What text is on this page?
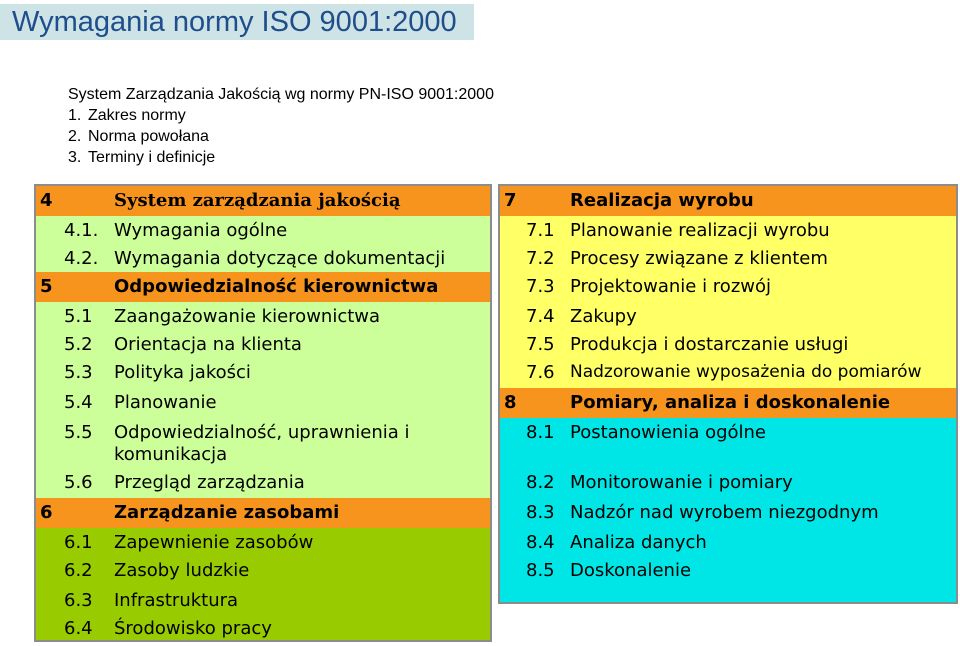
Wymagania normy ISO 9001:2000
System Zarządzania Jakością wg normy PN-ISO 9001:2000
1. Zakres normy
2. Norma powołana
3. Terminy i definicje
4	System zarządzania jakością
4.1. Wymagania ogólne
4.2. Wymagania dotyczące dokumentacji
5	Odpowiedzialność kierownictwa
5.1 Zaangażowanie kierownictwa
5.2 Orientacja na klienta
5.3 Polityka jakości
5.4 Planowanie
5.5 Odpowiedzialność, uprawnienia i komunikacja
5.6 Przegląd zarządzania
6	Zarządzanie zasobami
6.1 Zapewnienie zasobów
6.2 Zasoby ludzkie
6.3 Infrastruktura
6.4 Środowisko pracy
7	Realizacja wyrobu
7.1 Planowanie realizacji wyrobu
7.2 Procesy związane z klientem
7.3 Projektowanie i rozwój
7.4 Zakupy
7.5 Produkcja i dostarczanie usługi
7.6 Nadzorowanie wyposażenia do pomiarów
8	Pomiary, analiza i doskonalenie
8.1 Postanowienia ogólne
8.2 Monitorowanie i pomiary
8.3 Nadzór nad wyrobem niezgodnym
8.4 Analiza danych
8.5 Doskonalenie
